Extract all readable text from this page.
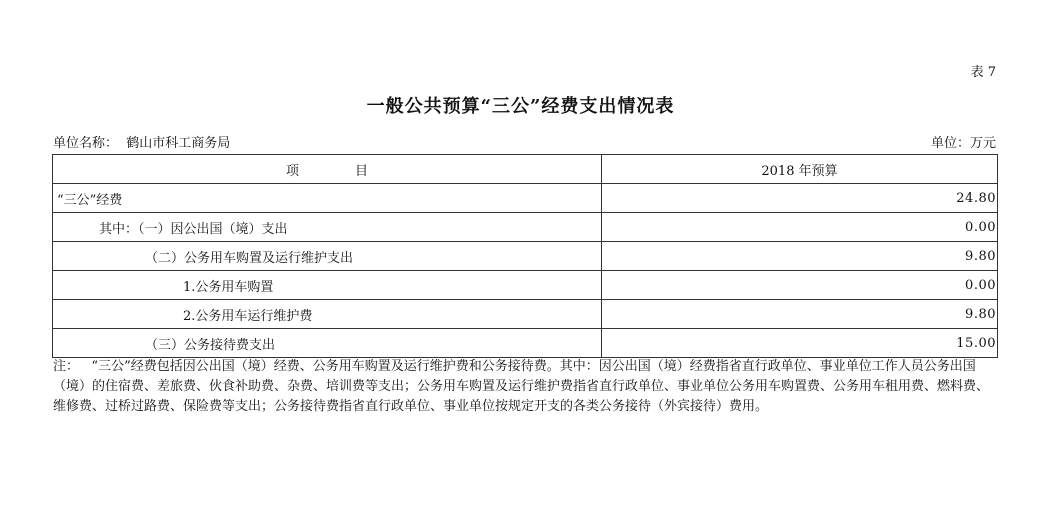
表 7
一般公共预算“三公”经费支出情况表
单位名称： 鹤山市科工商务局	单位：万元
项 目	2018 年预算
“三公”经费	24.80
其中：（一）因公出国（境）支出	0.00
（二）公务用车购置及运行维护支出	9.80
1.公务用车购置	0.00
2.公务用车运行维护费	9.80
（三）公务接待费支出	15.00
注： “三公”经费包括因公出国（境）经费、公务用车购置及运行维护费和公务接待费。其中：因公出国（境）经费指省直行政单位、事业单位工作人员公务出国（境）的住宿费、差旅费、伙食补助费、杂费、培训费等支出；公务用车购置及运行维护费指省直行政单位、事业单位公务用车购置费、公务用车租用费、燃料费、维修费、过桥过路费、保险费等支出；公务接待费指省直行政单位、事业单位按规定开支的各类公务接待（外宾接待）费用。
